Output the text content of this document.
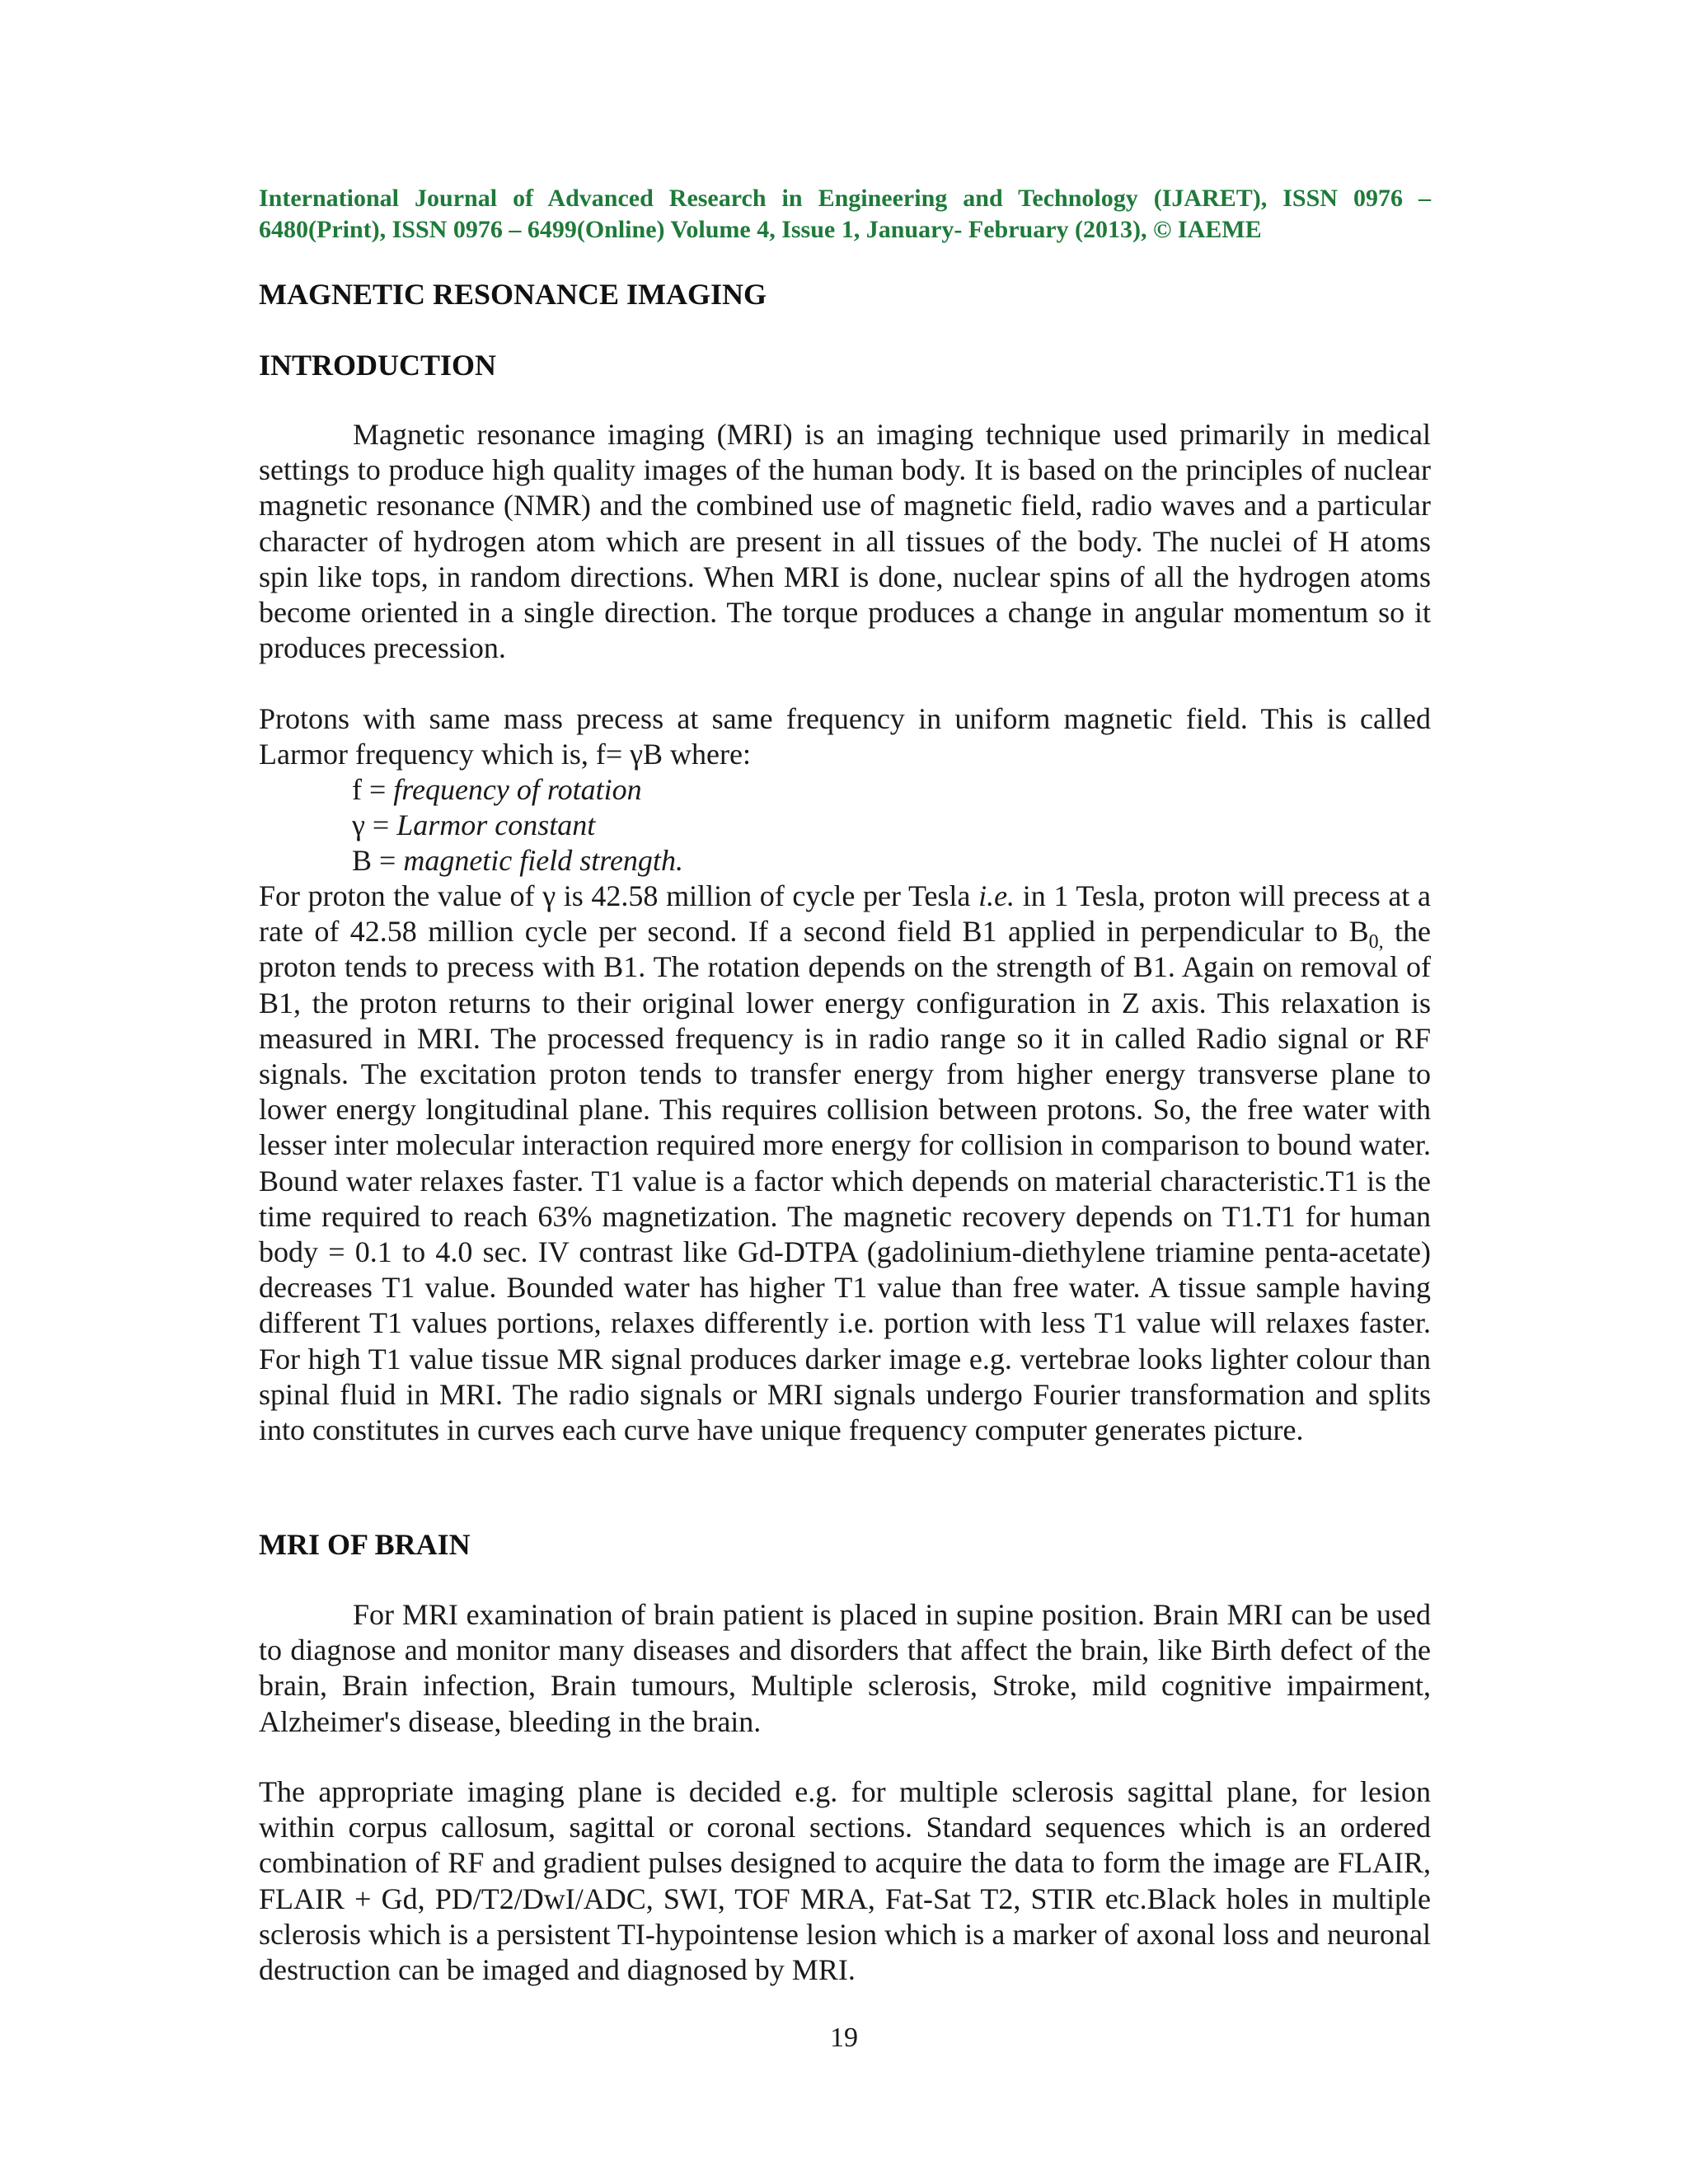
International Journal of Advanced Research in Engineering and Technology (IJARET), ISSN 0976 – 6480(Print), ISSN 0976 – 6499(Online) Volume 4, Issue 1, January- February (2013), © IAEME

MAGNETIC RESONANCE IMAGING
INTRODUCTION

Magnetic resonance imaging (MRI) is an imaging technique used primarily in medical settings to produce high quality images of the human body. It is based on the principles of nuclear magnetic resonance (NMR) and the combined use of magnetic field, radio waves and a particular character of hydrogen atom which are present in all tissues of the body. The nuclei of H atoms spin like tops, in random directions. When MRI is done, nuclear spins of all the hydrogen atoms become oriented in a single direction. The torque produces a change in angular momentum so it produces precession.

Protons with same mass precess at same frequency in uniform magnetic field. This is called Larmor frequency which is, f= γB where:

f = frequency of rotation
γ = Larmor constant
B = magnetic field strength.

For proton the value of γ is 42.58 million of cycle per Tesla i.e. in 1 Tesla, proton will precess at a rate of 42.58 million cycle per second. If a second field B1 applied in perpendicular to $B_{0,}$ the proton tends to precess with B1. The rotation depends on the strength of B1. Again on removal of B1, the proton returns to their original lower energy configuration in Z axis. This relaxation is measured in MRI. The processed frequency is in radio range so it in called Radio signal or RF signals. The excitation proton tends to transfer energy from higher energy transverse plane to lower energy longitudinal plane. This requires collision between protons. So, the free water with lesser inter molecular interaction required more energy for collision in comparison to bound water. Bound water relaxes faster. T1 value is a factor which depends on material characteristic.T1 is the time required to reach 63% magnetization. The magnetic recovery depends on T1.T1 for human body = 0.1 to 4.0 sec. IV contrast like Gd-DTPA (gadolinium-diethylene triamine penta-acetate) decreases T1 value. Bounded water has higher T1 value than free water. A tissue sample having different T1 values portions, relaxes differently i.e. portion with less T1 value will relaxes faster. For high T1 value tissue MR signal produces darker image e.g. vertebrae looks lighter colour than spinal fluid in MRI. The radio signals or MRI signals undergo Fourier transformation and splits into constitutes in curves each curve have unique frequency computer generates picture.

MRI OF BRAIN

For MRI examination of brain patient is placed in supine position. Brain MRI can be used to diagnose and monitor many diseases and disorders that affect the brain, like Birth defect of the brain, Brain infection, Brain tumours, Multiple sclerosis, Stroke, mild cognitive impairment, Alzheimer's disease, bleeding in the brain.

The appropriate imaging plane is decided e.g. for multiple sclerosis sagittal plane, for lesion within corpus callosum, sagittal or coronal sections. Standard sequences which is an ordered combination of RF and gradient pulses designed to acquire the data to form the image are FLAIR, FLAIR + Gd, PD/T2/DwI/ADC, SWI, TOF MRA, Fat-Sat T2, STIR etc.Black holes in multiple sclerosis which is a persistent TI-hypointense lesion which is a marker of axonal loss and neuronal destruction can be imaged and diagnosed by MRI.

19
